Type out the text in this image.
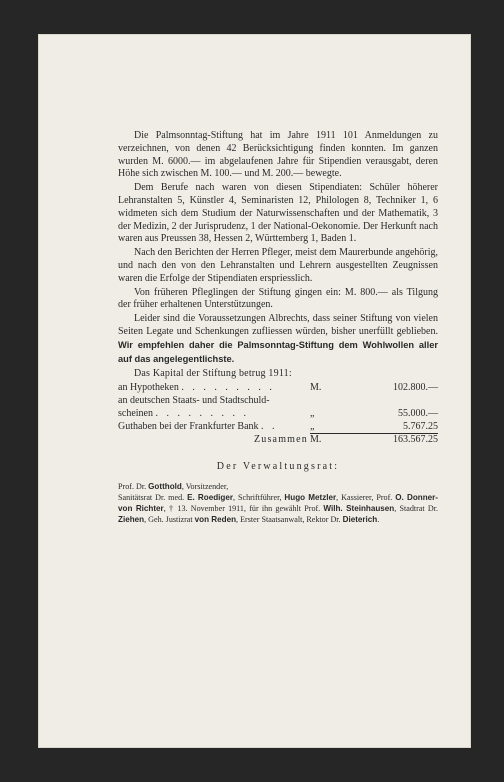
Die Palmsonntag-Stiftung hat im Jahre 1911 101 Anmeldungen zu verzeichnen, von denen 42 Berücksichtigung finden konnten. Im ganzen wurden M. 6000.— im abgelaufenen Jahre für Stipendien verausgabt, deren Höhe sich zwischen M. 100.— und M. 200.— bewegte.

Dem Berufe nach waren von diesen Stipendiaten: Schüler höherer Lehranstalten 5, Künstler 4, Seminaristen 12, Philologen 8, Techniker 1, 6 widmeten sich dem Studium der Naturwissenschaften und der Mathematik, 3 der Medizin, 2 der Jurisprudenz, 1 der National-Oekonomie. Der Herkunft nach waren aus Preussen 38, Hessen 2, Württemberg 1, Baden 1.

Nach den Berichten der Herren Pfleger, meist dem Maurerbunde angehörig, und nach den von den Lehranstalten und Lehrern ausgestellten Zeugnissen waren die Erfolge der Stipendiaten erspriesslich.

Von früheren Pfleglingen der Stiftung gingen ein: M. 800.— als Tilgung der früher erhaltenen Unterstützungen.

Leider sind die Voraussetzungen Albrechts, dass seiner Stiftung von vielen Seiten Legate und Schenkungen zufliessen würden, bisher unerfüllt geblieben. Wir empfehlen daher die Palmsonntag-Stiftung dem Wohlwollen aller auf das angelegentlichste.

Das Kapital der Stiftung betrug 1911:
an Hypotheken . . . . . . . . .	M.	102.800.—
an deutschen Staats- und Stadtschuld-		
scheinen . . . . . . . . .	„	55.000.—
Guthaben bei der Frankfurter Bank . .	„	5.767.25
Zusammen	M.	163.567.25
Der Verwaltungsrat:
Prof. Dr. Gotthold, Vorsitzender,
Sanitätsrat Dr. med. E. Roediger, Schriftführer, Hugo Metzler, Kassierer, Prof. O. Donner-von Richter, † 13. November 1911, für ihn gewählt Prof. Wilh. Steinhausen, Stadtrat Dr. Ziehen, Geh. Justizrat von Reden, Erster Staatsanwalt, Rektor Dr. Dieterich.
